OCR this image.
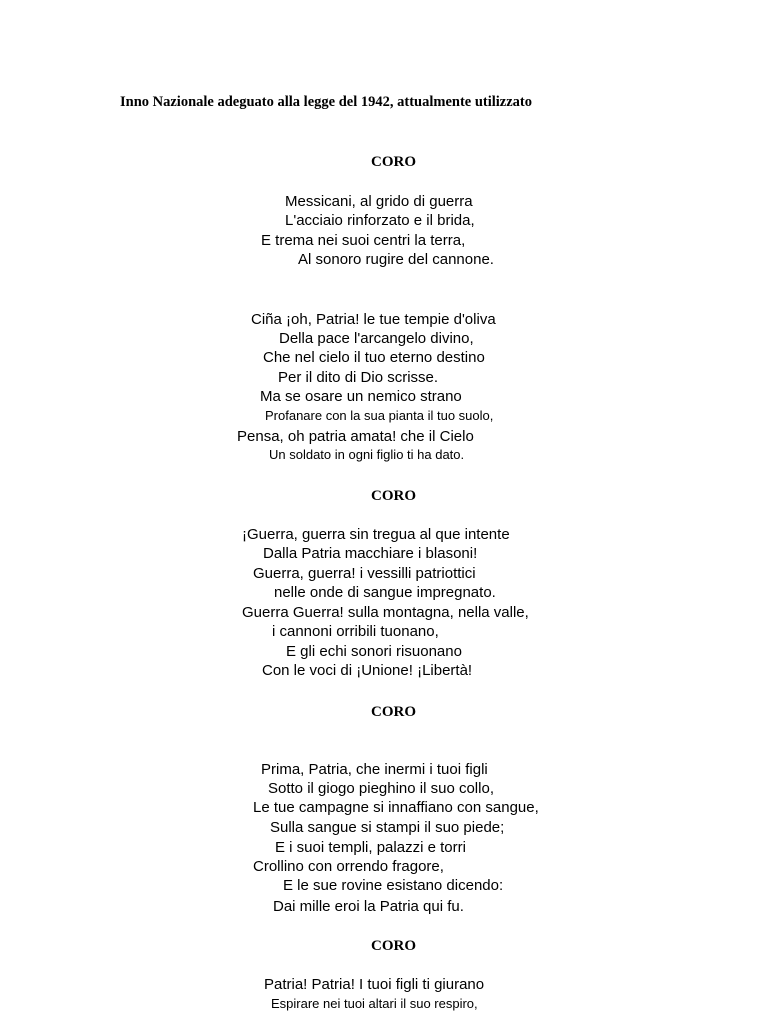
Inno Nazionale adeguato alla legge del 1942, attualmente utilizzato
CORO
Messicani, al grido di guerra
L'acciaio rinforzato e il brida,
E trema nei suoi centri la terra,
Al sonoro rugire del cannone.
Ciña ¡oh, Patria! le tue tempie d'oliva
Della pace l'arcangelo divino,
Che nel cielo il tuo eterno destino
Per il dito di Dio scrisse.
Ma se osare un nemico strano
Profanare con la sua pianta il tuo suolo,
Pensa, oh patria amata! che il Cielo
Un soldato in ogni figlio ti ha dato.
CORO
¡Guerra, guerra sin tregua al que intente
Dalla Patria macchiare i blasoni!
Guerra, guerra! i vessilli patriottici
nelle onde di sangue impregnato.
Guerra Guerra! sulla montagna, nella valle,
i cannoni orribili tuonano,
E gli echi sonori risuonano
Con le voci di ¡Unione! ¡Libertà!
CORO
Prima, Patria, che inermi i tuoi figli
Sotto il giogo pieghino il suo collo,
Le tue campagne si innaffiano con sangue,
Sulla sangue si stampi il suo piede;
E i suoi templi, palazzi e torri
Crollino con orrendo fragore,
E le sue rovine esistano dicendo:
Dai mille eroi la Patria qui fu.
CORO
Patria! Patria! I tuoi figli ti giurano
Espirare nei tuoi altari il suo respiro,
